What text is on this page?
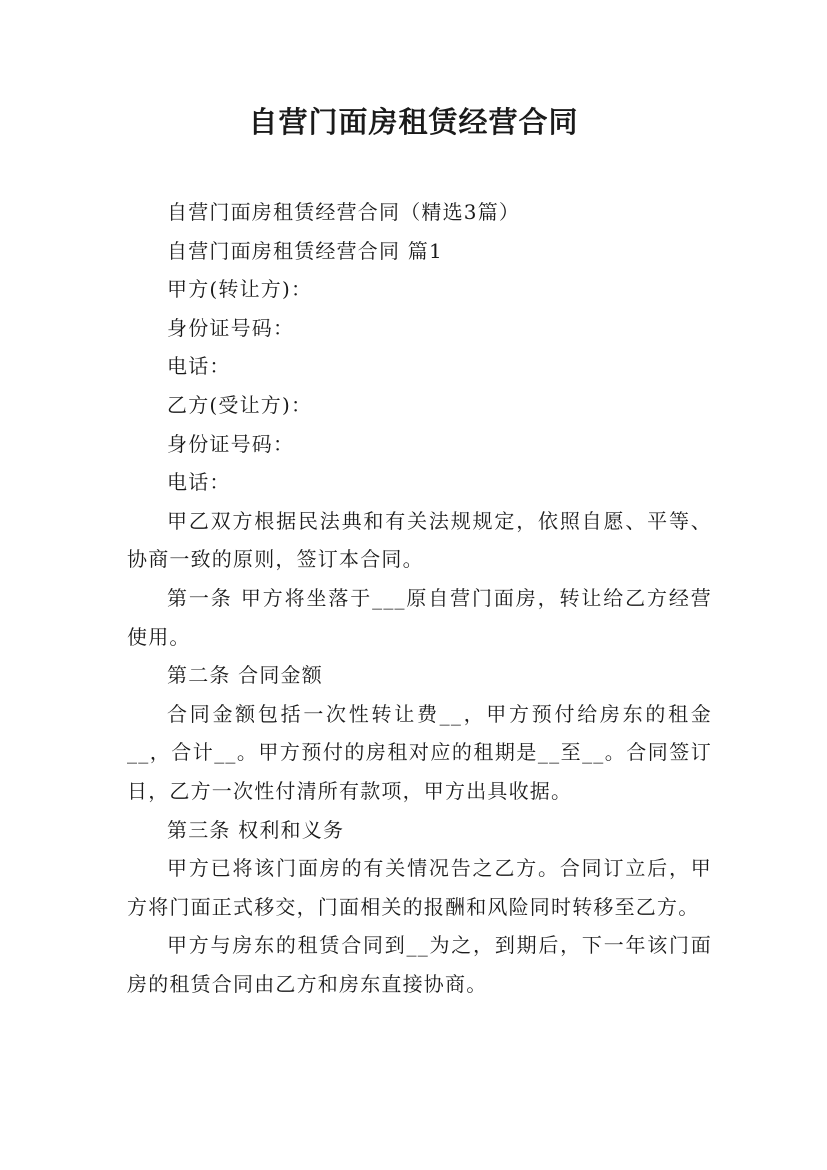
自营门面房租赁经营合同

自营门面房租赁经营合同（精选3篇）

自营门面房租赁经营合同 篇1

甲方(转让方)：

身份证号码：

电话：

乙方(受让方)：

身份证号码：

电话：

甲乙双方根据民法典和有关法规规定，依照自愿、平等、协商一致的原则，签订本合同。

第一条 甲方将坐落于___原自营门面房，转让给乙方经营使用。

第二条 合同金额

合同金额包括一次性转让费__，甲方预付给房东的租金__，合计__。甲方预付的房租对应的租期是__至__。合同签订日，乙方一次性付清所有款项，甲方出具收据。

第三条 权利和义务

甲方已将该门面房的有关情况告之乙方。合同订立后，甲方将门面正式移交，门面相关的报酬和风险同时转移至乙方。

甲方与房东的租赁合同到__为之，到期后，下一年该门面房的租赁合同由乙方和房东直接协商。
